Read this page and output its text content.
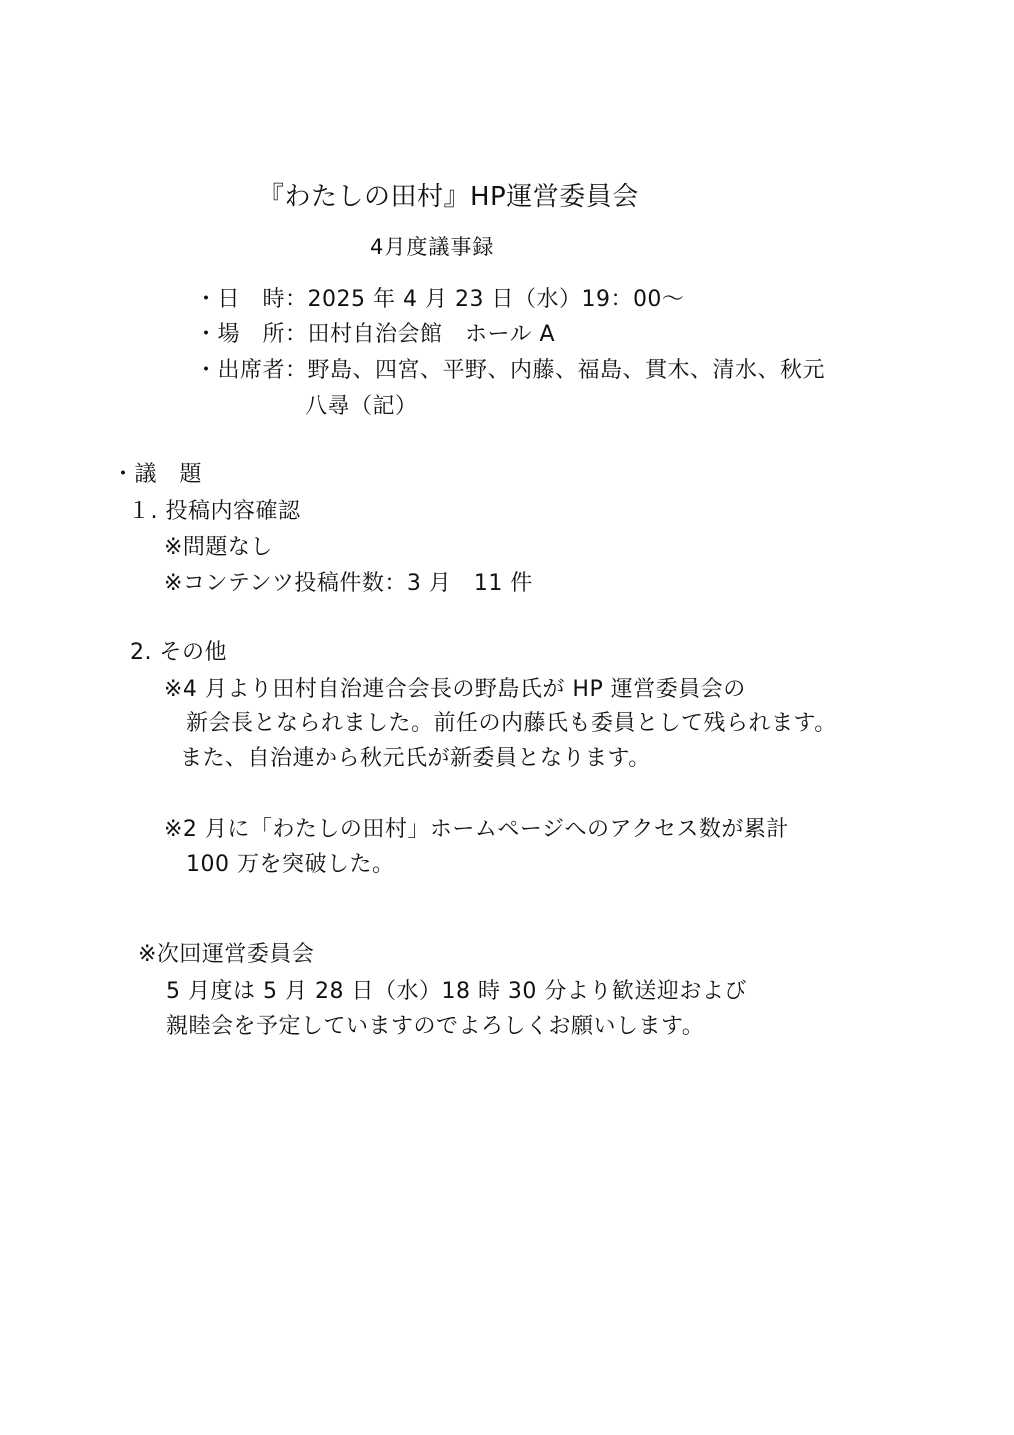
『わたしの田村』HP運営委員会
4月度議事録
・日　時：2025 年 4 月 23 日（水）19：00～
・場　所：田村自治会館　ホール A
・出席者：野島、四宮、平野、内藤、福島、貫木、清水、秋元
八尋（記）
・議　題
１. 投稿内容確認
※問題なし
※コンテンツ投稿件数：3 月　11 件
2. その他
※4 月より田村自治連合会長の野島氏が HP 運営委員会の
新会長となられました。前任の内藤氏も委員として残られます。
また、自治連から秋元氏が新委員となります。
※2 月に「わたしの田村」ホームページへのアクセス数が累計
100 万を突破した。
※次回運営委員会
5 月度は 5 月 28 日（水）18 時 30 分より歓送迎および
親睦会を予定していますのでよろしくお願いします。
